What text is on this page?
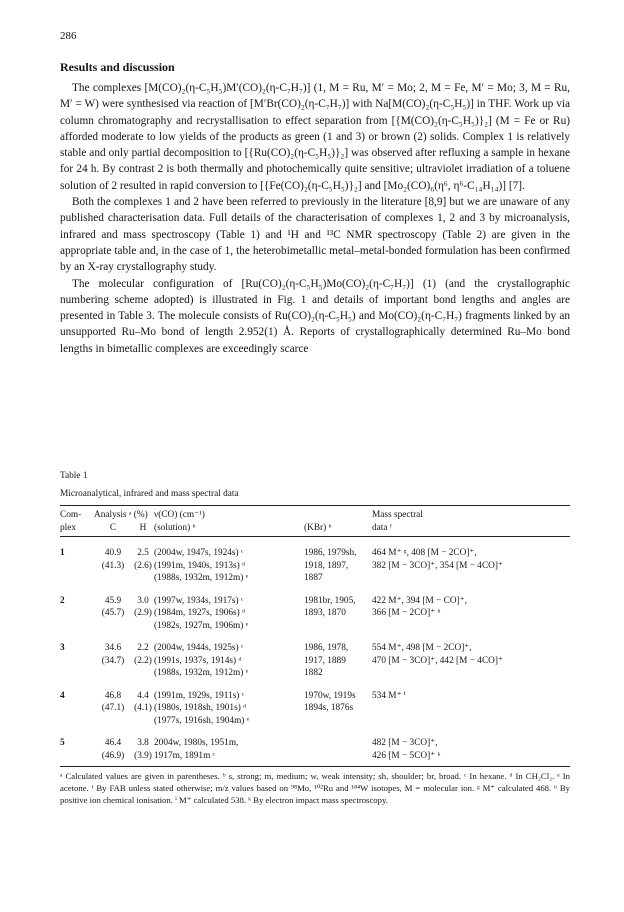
286
Results and discussion

The complexes [M(CO)₂(η-C₅H₅)M′(CO)₂(η-C₇H₇)] (1, M = Ru, M′ = Mo; 2, M = Fe, M′ = Mo; 3, M = Ru, M′ = W) were synthesised via reaction of [M′Br(CO)₂(η-C₇H₇)] with Na[M(CO)₂(η-C₅H₅)] in THF. Work up via column chromatography and recrystallisation to effect separation from [{M(CO)₂(η-C₅H₅)}₂] (M = Fe or Ru) afforded moderate to low yields of the products as green (1 and 3) or brown (2) solids. Complex 1 is relatively stable and only partial decomposition to [{Ru(CO)₂(η-C₅H₅)}₂] was observed after refluxing a sample in hexane for 24 h. By contrast 2 is both thermally and photochemically quite sensitive; ultraviolet irradiation of a toluene solution of 2 resulted in rapid conversion to [{Fe(CO)₂(η-C₅H₅)}₂] and [Mo₂(CO)₆(η⁶, η⁶-C₁₄H₁₄)] [7].

Both the complexes 1 and 2 have been referred to previously in the literature [8,9] but we are unaware of any published characterisation data. Full details of the characterisation of complexes 1, 2 and 3 by microanalysis, infrared and mass spectroscopy (Table 1) and ¹H and ¹³C NMR spectroscopy (Table 2) are given in the appropriate table and, in the case of 1, the heterobimetallic metal–metal-bonded formulation has been confirmed by an X-ray crystallography study.

The molecular configuration of [Ru(CO)₂(η-C₅H₅)Mo(CO)₂(η-C₇H₇)] (1) (and the crystallographic numbering scheme adopted) is illustrated in Fig. 1 and details of important bond lengths and angles are presented in Table 3. The molecule consists of Ru(CO)₂(η-C₅H₅) and Mo(CO)₂(η-C₇H₇) fragments linked by an unsupported Ru–Mo bond of length 2.952(1) Å. Reports of crystallographically determined Ru–Mo bond lengths in bimetallic complexes are exceedingly scarce

Table 1
Microanalytical, infrared and mass spectral data
Com-	Analysis ᵃ (%)		ν(CO) (cm⁻¹)		Mass spectral
plex	C	H	(solution) ᵇ	(KBr) ᵇ	data ᶠ
1	40.9	2.5	(2004w, 1947s, 1924s) ᶜ	1986, 1979sh,	464 M⁺ ᵍ, 408 [M − 2CO]⁺,
	(41.3)	(2.6)	(1991m, 1940s, 1913s) ᵈ	1918, 1897,	382 [M − 3CO]⁺, 354 [M − 4CO]⁺
			(1988s, 1932m, 1912m) ᵉ	1887	
2	45.9	3.0	(1997w, 1934s, 1917s) ᶜ	1981br, 1905,	422 M⁺, 394 [M − CO]⁺,
	(45.7)	(2.9)	(1984m, 1927s, 1906s) ᵈ	1893, 1870	366 [M − 2CO]⁺ ʰ
			(1982s, 1927m, 1906m) ᵉ		
3	34.6	2.2	(2004w, 1944s, 1925s) ᶜ	1986, 1978,	554 M⁺, 498 [M − 2CO]⁺,
	(34.7)	(2.2)	(1991s, 1937s, 1914s) ᵈ	1917, 1889	470 [M − 3CO]⁺, 442 [M − 4CO]⁺
			(1988s, 1932m, 1912m) ᵉ	1882	
4	46.8	4.4	(1991m, 1929s, 1911s) ᶜ	1970w, 1919s	534 M⁺ ⁱ
	(47.1)	(4.1)	(1980s, 1918sh, 1901s) ᵈ	1894s, 1876s	
			(1977s, 1916sh, 1904m) ᵉ		
5	46.4	3.8	2004w, 1980s, 1951m,		482 [M − 3CO]⁺,
	(46.9)	(3.9)	1917m, 1891m ᶜ		426 [M − 5CO]⁺ ᵏ
ᵃ Calculated values are given in parentheses. ᵇ s, strong; m, medium; w, weak intensity; sh, shoulder; br, broad. ᶜ In hexane. ᵈ In CH₂Cl₂. ᵉ In acetone. ᶠ By FAB unless stated otherwise; m/z values based on ⁹⁸Mo, ¹⁰²Ru and ¹⁸⁴W isotopes, M = molecular ion. ᵍ M⁺ calculated 468. ʰ By positive ion chemical ionisation. ⁱ M⁺ calculated 538. ᵏ By electron impact mass spectroscopy.
